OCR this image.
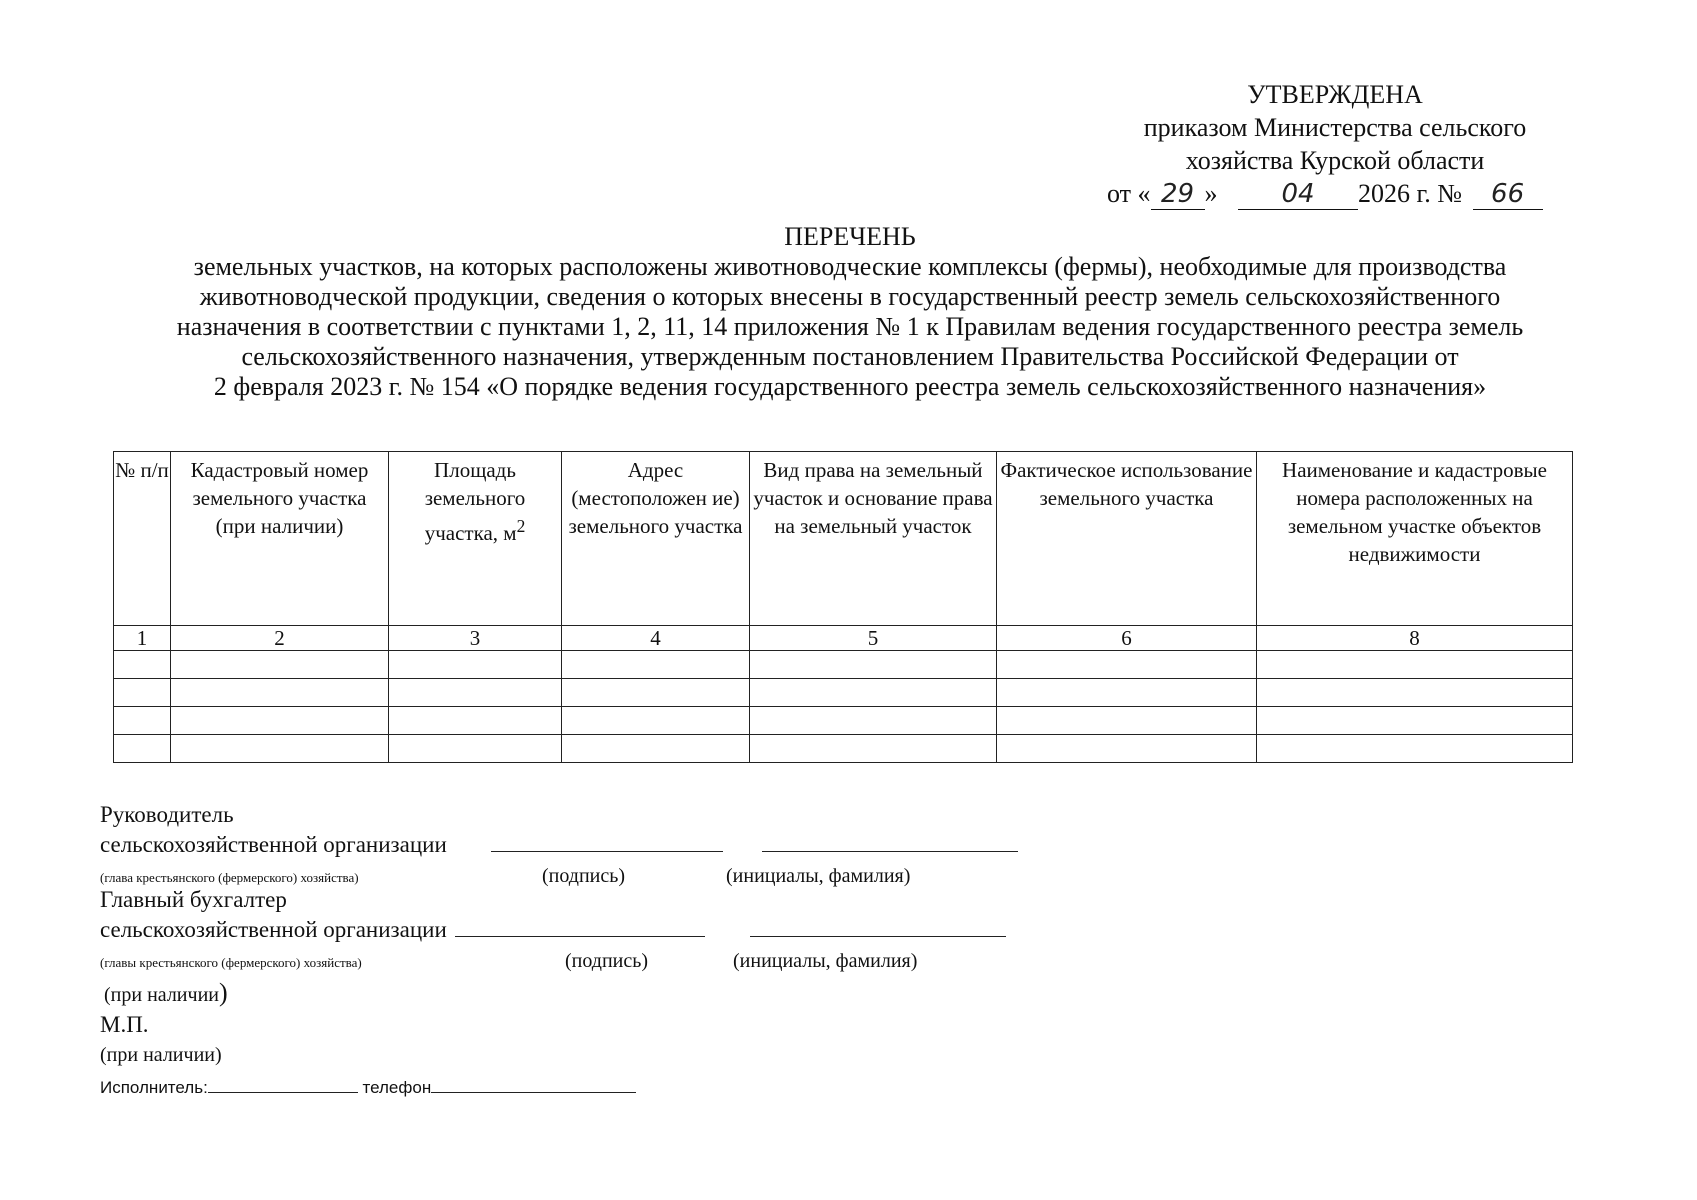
УТВЕРЖДЕНА
приказом Министерства сельского
хозяйства Курской области
от « 29 » 04 2026 г. № 66
ПЕРЕЧЕНЬ
земельных участков, на которых расположены животноводческие комплексы (фермы), необходимые для производства
животноводческой продукции, сведения о которых внесены в государственный реестр земель сельскохозяйственного
назначения в соответствии с пунктами 1, 2, 11, 14 приложения № 1 к Правилам ведения государственного реестра земель
сельскохозяйственного назначения, утвержденным постановлением Правительства Российской Федерации от
2 февраля 2023 г. № 154 «О порядке ведения государственного реестра земель сельскохозяйственного назначения»
№ п/п	Кадастровый номер земельного участка (при наличии)	Площадь земельного участка, $м^2$	Адрес (местоположен ие) земельного участка	Вид права на земельный участок и основание права на земельный участок	Фактическое использование земельного участка	Наименование и кадастровые номера расположенных на земельном участке объектов недвижимости
1	2	3	4	5	6	8

Руководитель
сельскохозяйственной организации
(глава крестьянского (фермерского) хозяйства)	(подпись)	(инициалы, фамилия)
Главный бухгалтер
сельскохозяйственной организации
(главы крестьянского (фермерского) хозяйства)	(подпись)	(инициалы, фамилия)
(при наличии)
М.П.
(при наличии)
Исполнитель:	телефон
